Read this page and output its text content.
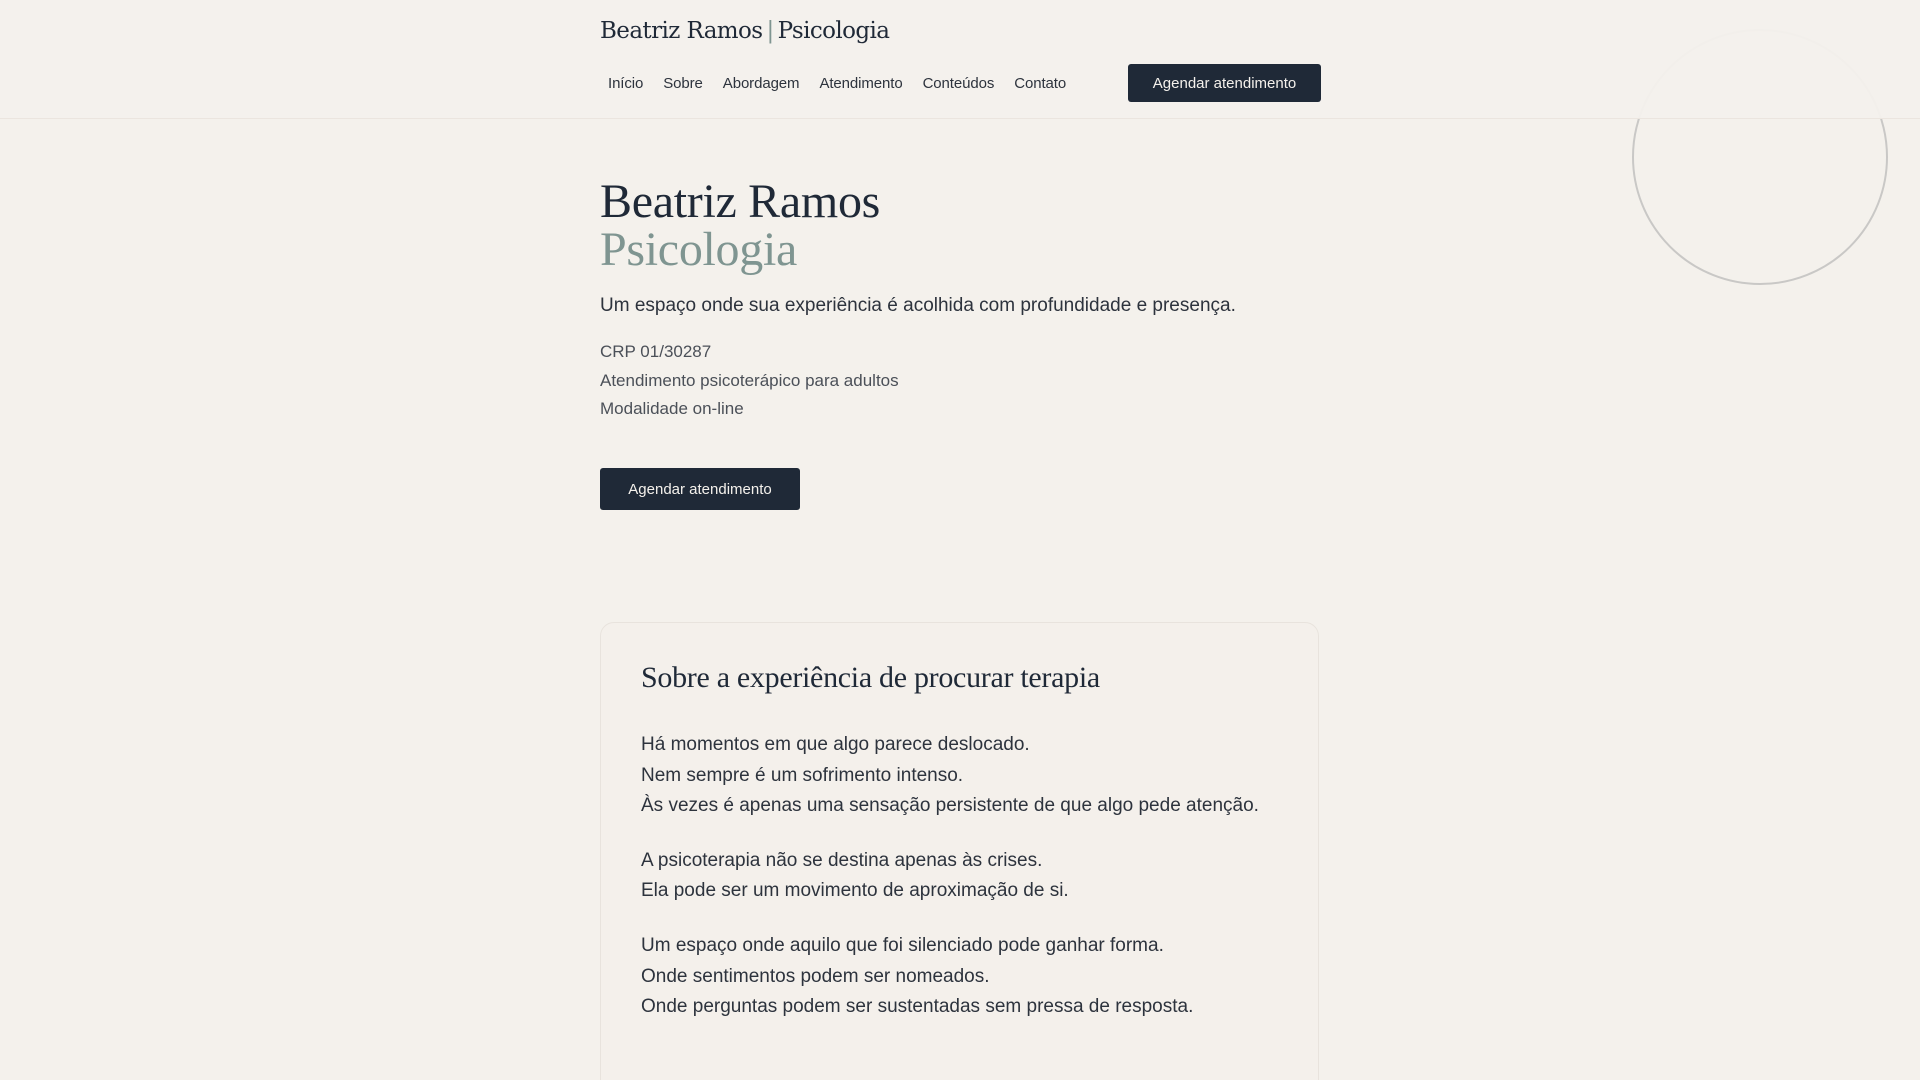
Beatriz Ramos | Psicologia
Início	Sobre	Abordagem	Atendimento	Conteúdos	Contato	Agendar atendimento
Beatriz Ramos
Psicologia

Um espaço onde sua experiência é acolhida com profundidade e presença.

CRP 01/30287
Atendimento psicoterápico para adultos
Modalidade on-line
Agendar atendimento
Sobre a experiência de procurar terapia

Há momentos em que algo parece deslocado.
Nem sempre é um sofrimento intenso.
Às vezes é apenas uma sensação persistente de que algo pede atenção.

A psicoterapia não se destina apenas às crises.
Ela pode ser um movimento de aproximação de si.

Um espaço onde aquilo que foi silenciado pode ganhar forma.
Onde sentimentos podem ser nomeados.
Onde perguntas podem ser sustentadas sem pressa de resposta.
